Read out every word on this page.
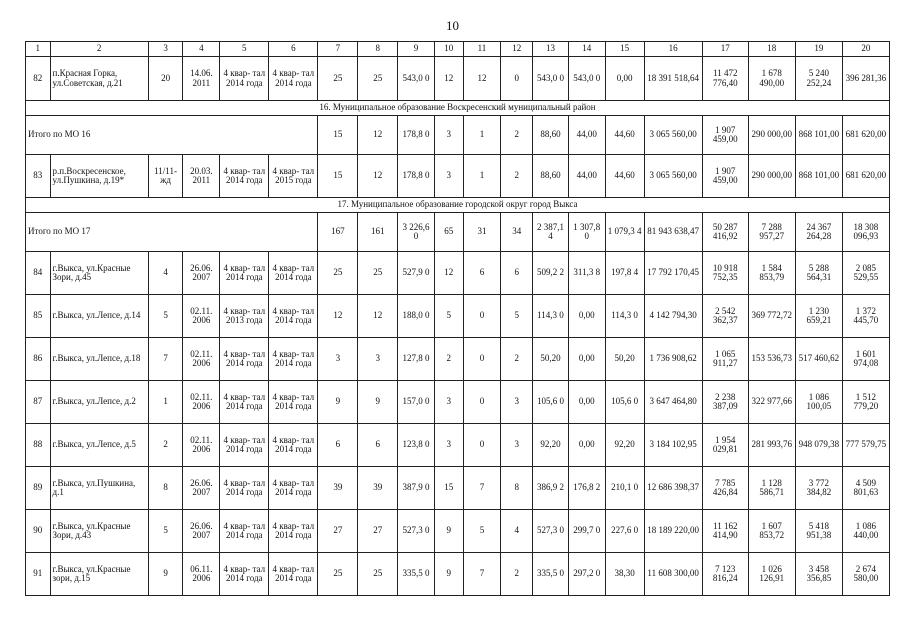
10
1	2	3	4	5	6	7	8	9	10	11	12	13	14	15	16	17	18	19	20
82	п.Красная Горка, ул.Советская, д.21	20	14.06. 2011	4 квар- тал 2014 года	4 квар- тал 2014 года	25	25	543,0 0	12	12	0	543,0 0	543,0 0	0,00	18 391 518,64	11 472 776,40	1 678 490,00	5 240 252,24	396 281,36
16. Муниципальное образование Воскресенский муниципальный район																			
Итого по МО 16						15	12	178,8 0	3	1	2	88,60	44,00	44,60	3 065 560,00	1 907 459,00	290 000,00	868 101,00	681 620,00
83	р.п.Воскресенское, ул.Пушкина, д.19*	11/11- жд	20.03. 2011	4 квар- тал 2014 года	4 квар- тал 2015 года	15	12	178,8 0	3	1	2	88,60	44,00	44,60	3 065 560,00	1 907 459,00	290 000,00	868 101,00	681 620,00
17. Муниципальное образование городской округ город Выкса																			
Итого по МО 17						167	161	3 226,6 0	65	31	34	2 387,1 4	1 307,8 0	1 079,3 4	81 943 638,47	50 287 416,92	7 288 957,27	24 367 264,28	18 308 096,93
84	г.Выкса, ул.Красные Зори, д.45	4	26.06. 2007	4 квар- тал 2014 года	4 квар- тал 2014 года	25	25	527,9 0	12	6	6	509,2 2	311,3 8	197,8 4	17 792 170,45	10 918 752,35	1 584 853,79	5 288 564,31	2 085 529,55
85	г.Выкса, ул.Лепсе, д.14	5	02.11. 2006	4 квар- тал 2013 года	4 квар- тал 2014 года	12	12	188,0 0	5	0	5	114,3 0	0,00	114,3 0	4 142 794,30	2 542 362,37	369 772,72	1 230 659,21	1 372 445,70
86	г.Выкса, ул.Лепсе, д.18	7	02.11. 2006	4 квар- тал 2014 года	4 квар- тал 2014 года	3	3	127,8 0	2	0	2	50,20	0,00	50,20	1 736 908,62	1 065 911,27	153 536,73	517 460,62	1 601 974,08
87	г.Выкса, ул.Лепсе, д.2	1	02.11. 2006	4 квар- тал 2014 года	4 квар- тал 2014 года	9	9	157,0 0	3	0	3	105,6 0	0,00	105,6 0	3 647 464,80	2 238 387,09	322 977,66	1 086 100,05	1 512 779,20
88	г.Выкса, ул.Лепсе, д.5	2	02.11. 2006	4 квар- тал 2014 года	4 квар- тал 2014 года	6	6	123,8 0	3	0	3	92,20	0,00	92,20	3 184 102,95	1 954 029,81	281 993,76	948 079,38	777 579,75
89	г.Выкса, ул.Пушкина, д.1	8	26.06. 2007	4 квар- тал 2014 года	4 квар- тал 2014 года	39	39	387,9 0	15	7	8	386,9 2	176,8 2	210,1 0	12 686 398,37	7 785 426,84	1 128 586,71	3 772 384,82	4 509 801,63
90	г.Выкса, ул.Красные Зори, д.43	5	26.06. 2007	4 квар- тал 2014 года	4 квар- тал 2014 года	27	27	527,3 0	9	5	4	527,3 0	299,7 0	227,6 0	18 189 220,00	11 162 414,90	1 607 853,72	5 418 951,38	1 086 440,00
91	г.Выкса, ул.Красные зори, д.15	9	06.11. 2006	4 квар- тал 2014 года	4 квар- тал 2014 года	25	25	335,5 0	9	7	2	335,5 0	297,2 0	38,30	11 608 300,00	7 123 816,24	1 026 126,91	3 458 356,85	2 674 580,00
